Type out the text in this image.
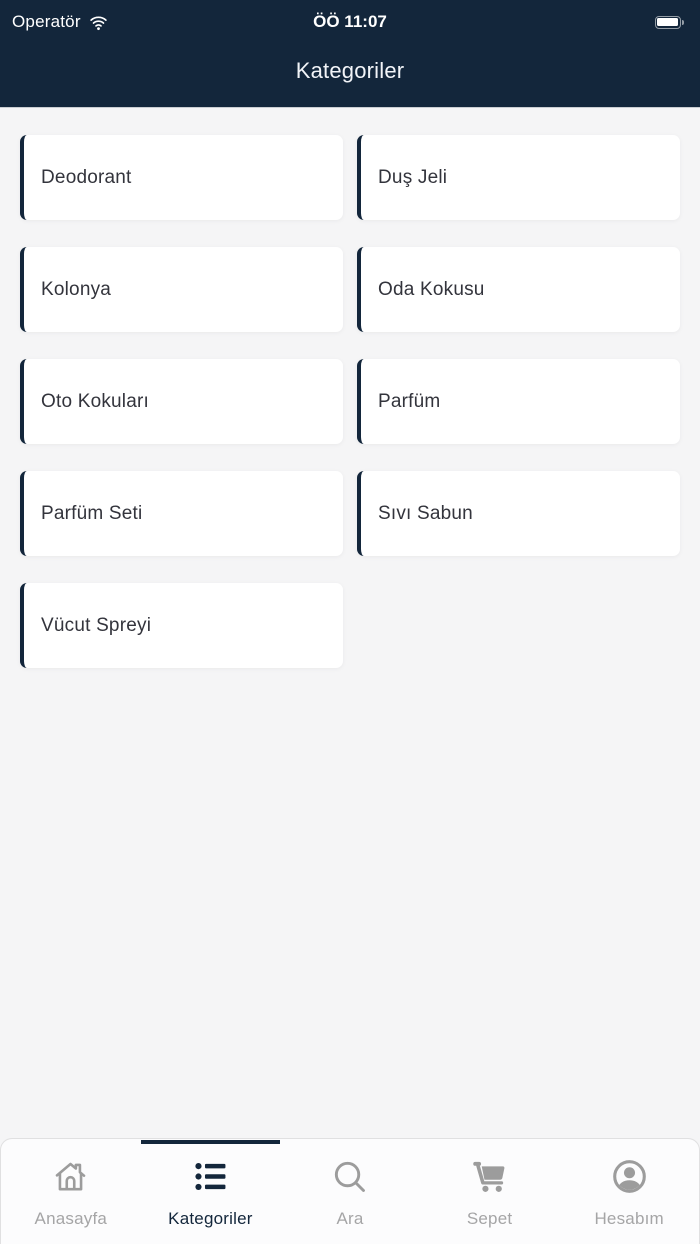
Operatör	ÖÖ 11:07
Kategoriler
Deodorant	Duş Jeli
Kolonya	Oda Kokusu
Oto Kokuları	Parfüm
Parfüm Seti	Sıvı Sabun
Vücut Spreyi
Anasayfa	Kategoriler	Ara	Sepet	Hesabım
